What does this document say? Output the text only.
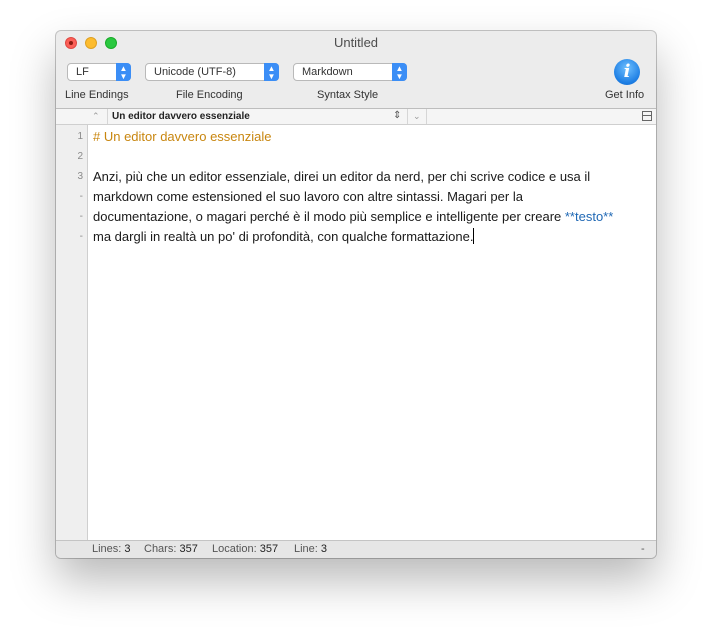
Untitled
LF	▲
▼	Unicode (UTF-8)	▲
▼	Markdown	▲
▼	i
Line Endings	File Encoding	Syntax Style	Get Info
⌃ Un editor davvero essenziale	⇕ ⌄
1
2
3
-
-
-
# Un editor davvero essenziale
Anzi, più che un editor essenziale, direi un editor da nerd, per chi scrive codice e usa il
markdown come estensioned el suo lavoro con altre sintassi. Magari per la
documentazione, o magari perché è il modo più semplice e intelligente per creare **testo**
ma dargli in realtà un po' di profondità, con qualche formattazione.
Lines: 3 Chars: 357 Location: 357 Line: 3	-
